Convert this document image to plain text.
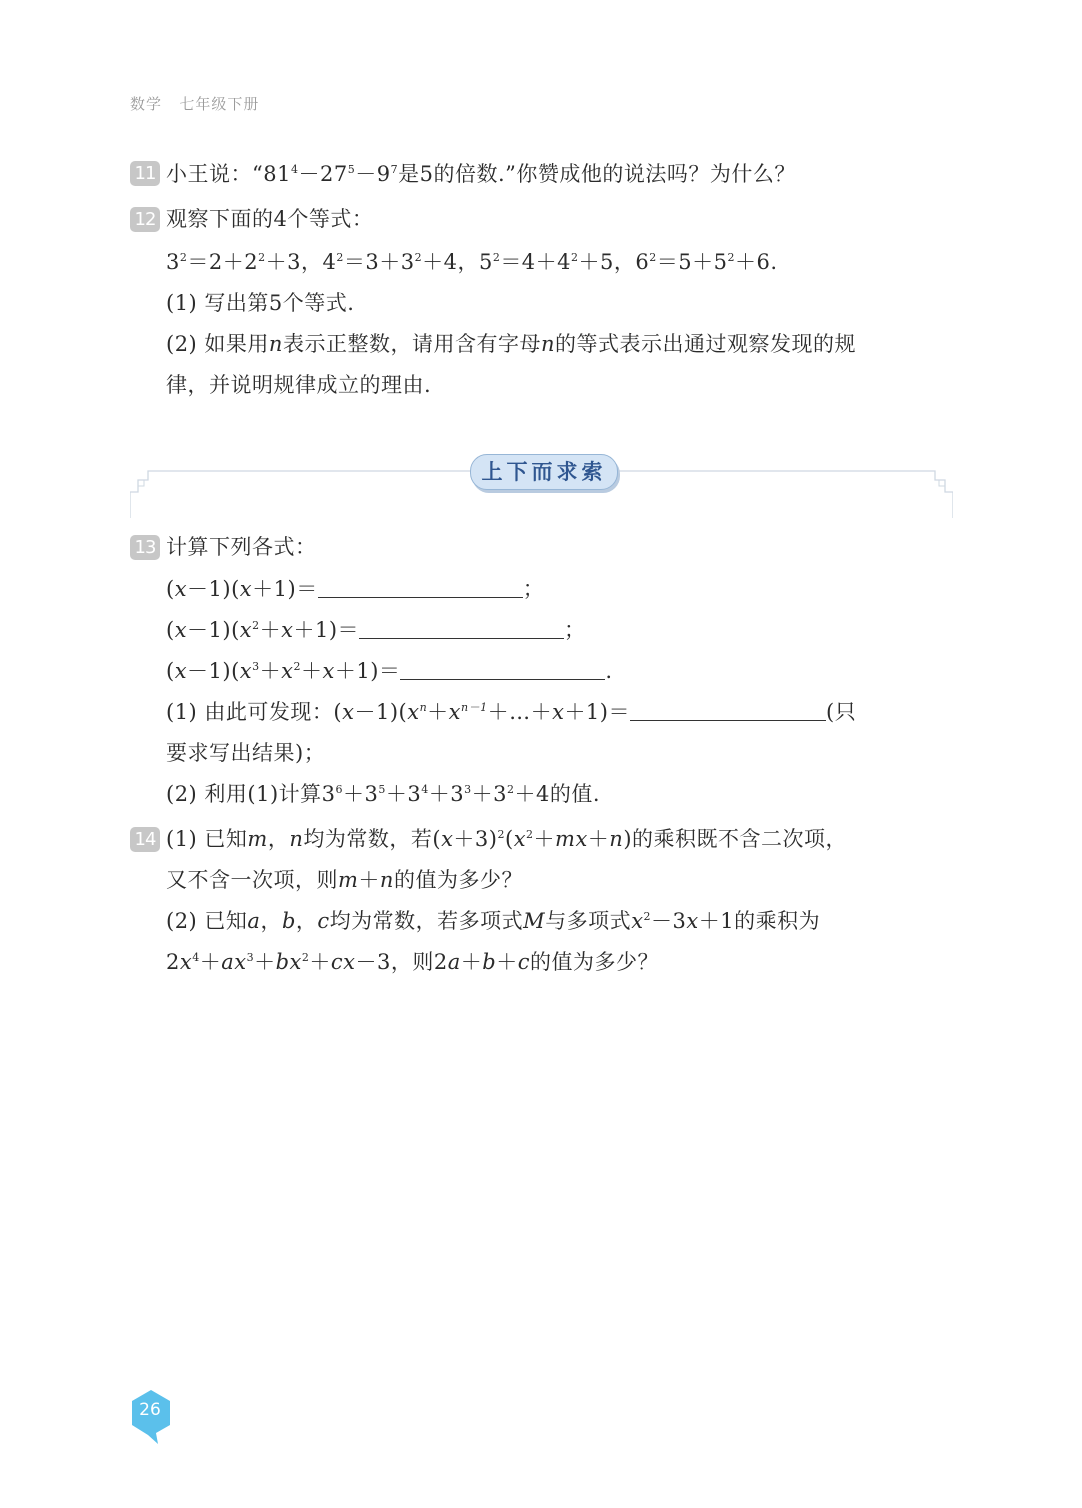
数学 七年级下册
11 小王说：“$81^4-27^5-9^7$是5的倍数.”你赞成他的说法吗？为什么？
12 观察下面的4个等式：
$3^2=2+2^2+3$，$4^2=3+3^2+4$，$5^2=4+4^2+5$，$6^2=5+5^2+6$.
(1) 写出第5个等式.
(2) 如果用n表示正整数，请用含有字母n的等式表示出通过观察发现的规
律，并说明规律成立的理由.
上下而求索
13 计算下列各式：
(x－1)(x＋1)＝	；
$(x-1)(x^2+x+1)=$	；
$(x-1)(x^3+x^2+x+1)=$	.
(1) 由此可发现：$(x-1)(x^n+x^{n-1}+\dots+x+1)=$	(只
要求写出结果)；
(2) 利用(1)计算$3^6+3^5+3^4+3^3+3^2+4$的值.
14 (1) 已知m，n均为常数，若$(x+3)^2(x^2+mx+n)$的乘积既不含二次项，
又不含一次项，则m＋n的值为多少？
(2) 已知a，b，c均为常数，若多项式M与多项式$x^2-3x+1$的乘积为
$2x^4+ax^3+bx^2+cx-3$，则2a＋b＋c的值为多少？
26
